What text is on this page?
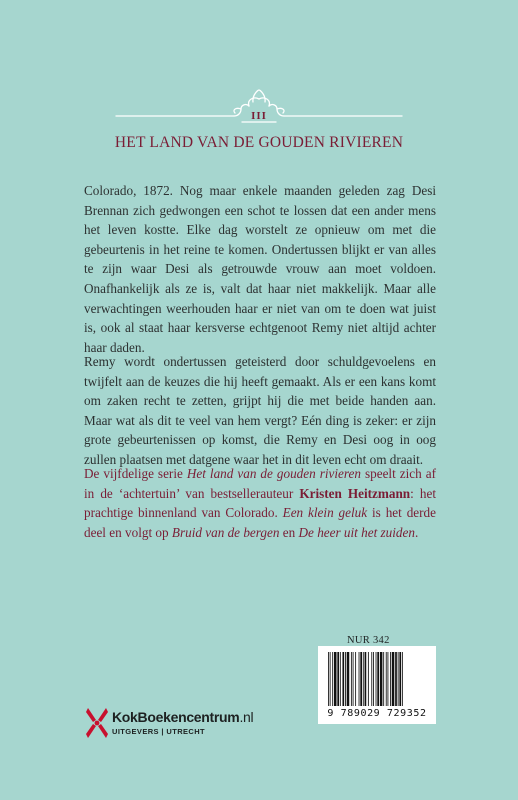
III
HET LAND VAN DE GOUDEN RIVIEREN

Colorado, 1872. Nog maar enkele maanden geleden zag Desi Brennan zich gedwongen een schot te lossen dat een ander mens het leven kostte. Elke dag worstelt ze opnieuw om met die gebeurtenis in het reine te komen. Ondertussen blijkt er van alles te zijn waar Desi als getrouwde vrouw aan moet voldoen. Onafhankelijk als ze is, valt dat haar niet makkelijk. Maar alle verwachtingen weerhouden haar er niet van om te doen wat juist is, ook al staat haar kersverse echtgenoot Remy niet altijd achter haar daden.

Remy wordt ondertussen geteisterd door schuldgevoelens en twijfelt aan de keuzes die hij heeft gemaakt. Als er een kans komt om zaken recht te zetten, grijpt hij die met beide handen aan. Maar wat als dit te veel van hem vergt? Eén ding is zeker: er zijn grote gebeurtenissen op komst, die Remy en Desi oog in oog zullen plaatsen met datgene waar het in dit leven echt om draait.

De vijfdelige serie Het land van de gouden rivieren speelt zich af in de ‘achtertuin’ van bestsellerauteur Kristen Heitzmann: het prachtige binnenland van Colorado. Een klein geluk is het derde deel en volgt op Bruid van de bergen en De heer uit het zuiden.

NUR 342
9 789029 729352
KokBoekencentrum.nl
UITGEVERS | UTRECHT
